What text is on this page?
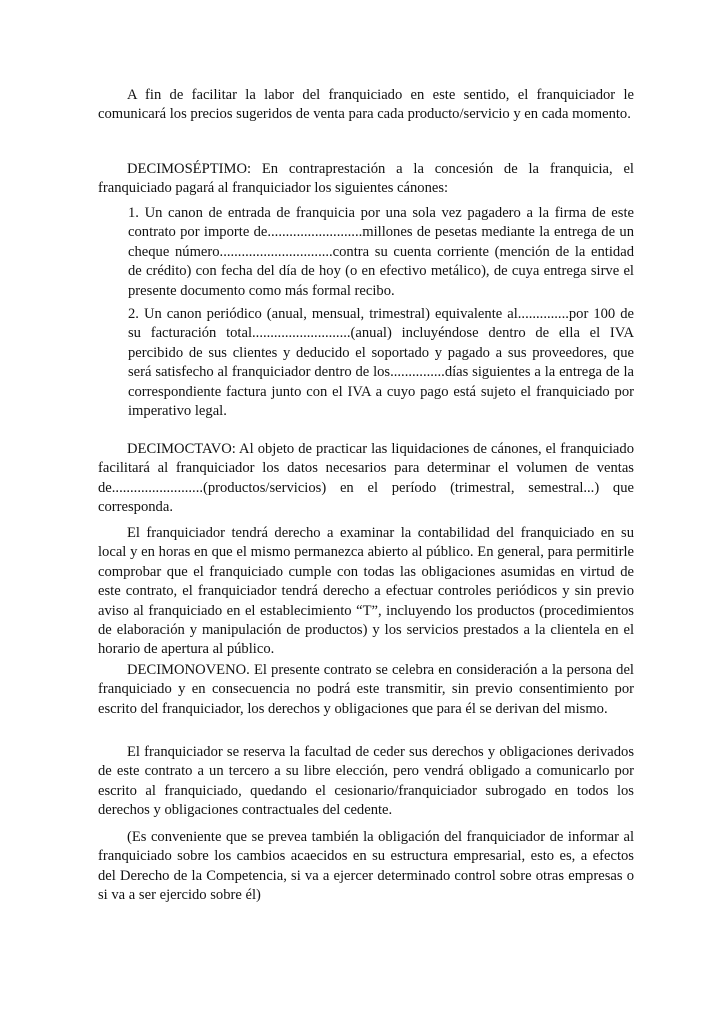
A fin de facilitar la labor del franquiciado en este sentido, el franquiciador le comunicará los precios sugeridos de venta para cada producto/servicio y en cada momento.

DECIMOSÉPTIMO: En contraprestación a la concesión de la franquicia, el franquiciado pagará al franquiciador los siguientes cánones:

1. Un canon de entrada de franquicia por una sola vez pagadero a la firma de este contrato por importe de..........................millones de pesetas mediante la entrega de un cheque número...............................contra su cuenta corriente (mención de la entidad de crédito) con fecha del día de hoy (o en efectivo metálico), de cuya entrega sirve el presente documento como más formal recibo.

2. Un canon periódico (anual, mensual, trimestral) equivalente al..............por 100 de su facturación total...........................(anual) incluyéndose dentro de ella el IVA percibido de sus clientes y deducido el soportado y pagado a sus proveedores, que será satisfecho al franquiciador dentro de los...............días siguientes a la entrega de la correspondiente factura junto con el IVA a cuyo pago está sujeto el franquiciado por imperativo legal.

DECIMOCTAVO: Al objeto de practicar las liquidaciones de cánones, el franquiciado facilitará al franquiciador los datos necesarios para determinar el volumen de ventas de.........................(productos/servicios) en el período (trimestral, semestral...) que corresponda.

El franquiciador tendrá derecho a examinar la contabilidad del franquiciado en su local y en horas en que el mismo permanezca abierto al público. En general, para permitirle comprobar que el franquiciado cumple con todas las obligaciones asumidas en virtud de este contrato, el franquiciador tendrá derecho a efectuar controles periódicos y sin previo aviso al franquiciado en el establecimiento “T”, incluyendo los productos (procedimientos de elaboración y manipulación de productos) y los servicios prestados a la clientela en el horario de apertura al público.

DECIMONOVENO. El presente contrato se celebra en consideración a la persona del franquiciado y en consecuencia no podrá este transmitir, sin previo consentimiento por escrito del franquiciador, los derechos y obligaciones que para él se derivan del mismo.

El franquiciador se reserva la facultad de ceder sus derechos y obligaciones derivados de este contrato a un tercero a su libre elección, pero vendrá obligado a comunicarlo por escrito al franquiciado, quedando el cesionario/franquiciador subrogado en todos los derechos y obligaciones contractuales del cedente.

(Es conveniente que se prevea también la obligación del franquiciador de informar al franquiciado sobre los cambios acaecidos en su estructura empresarial, esto es, a efectos del Derecho de la Competencia, si va a ejercer determinado control sobre otras empresas o si va a ser ejercido sobre él)
